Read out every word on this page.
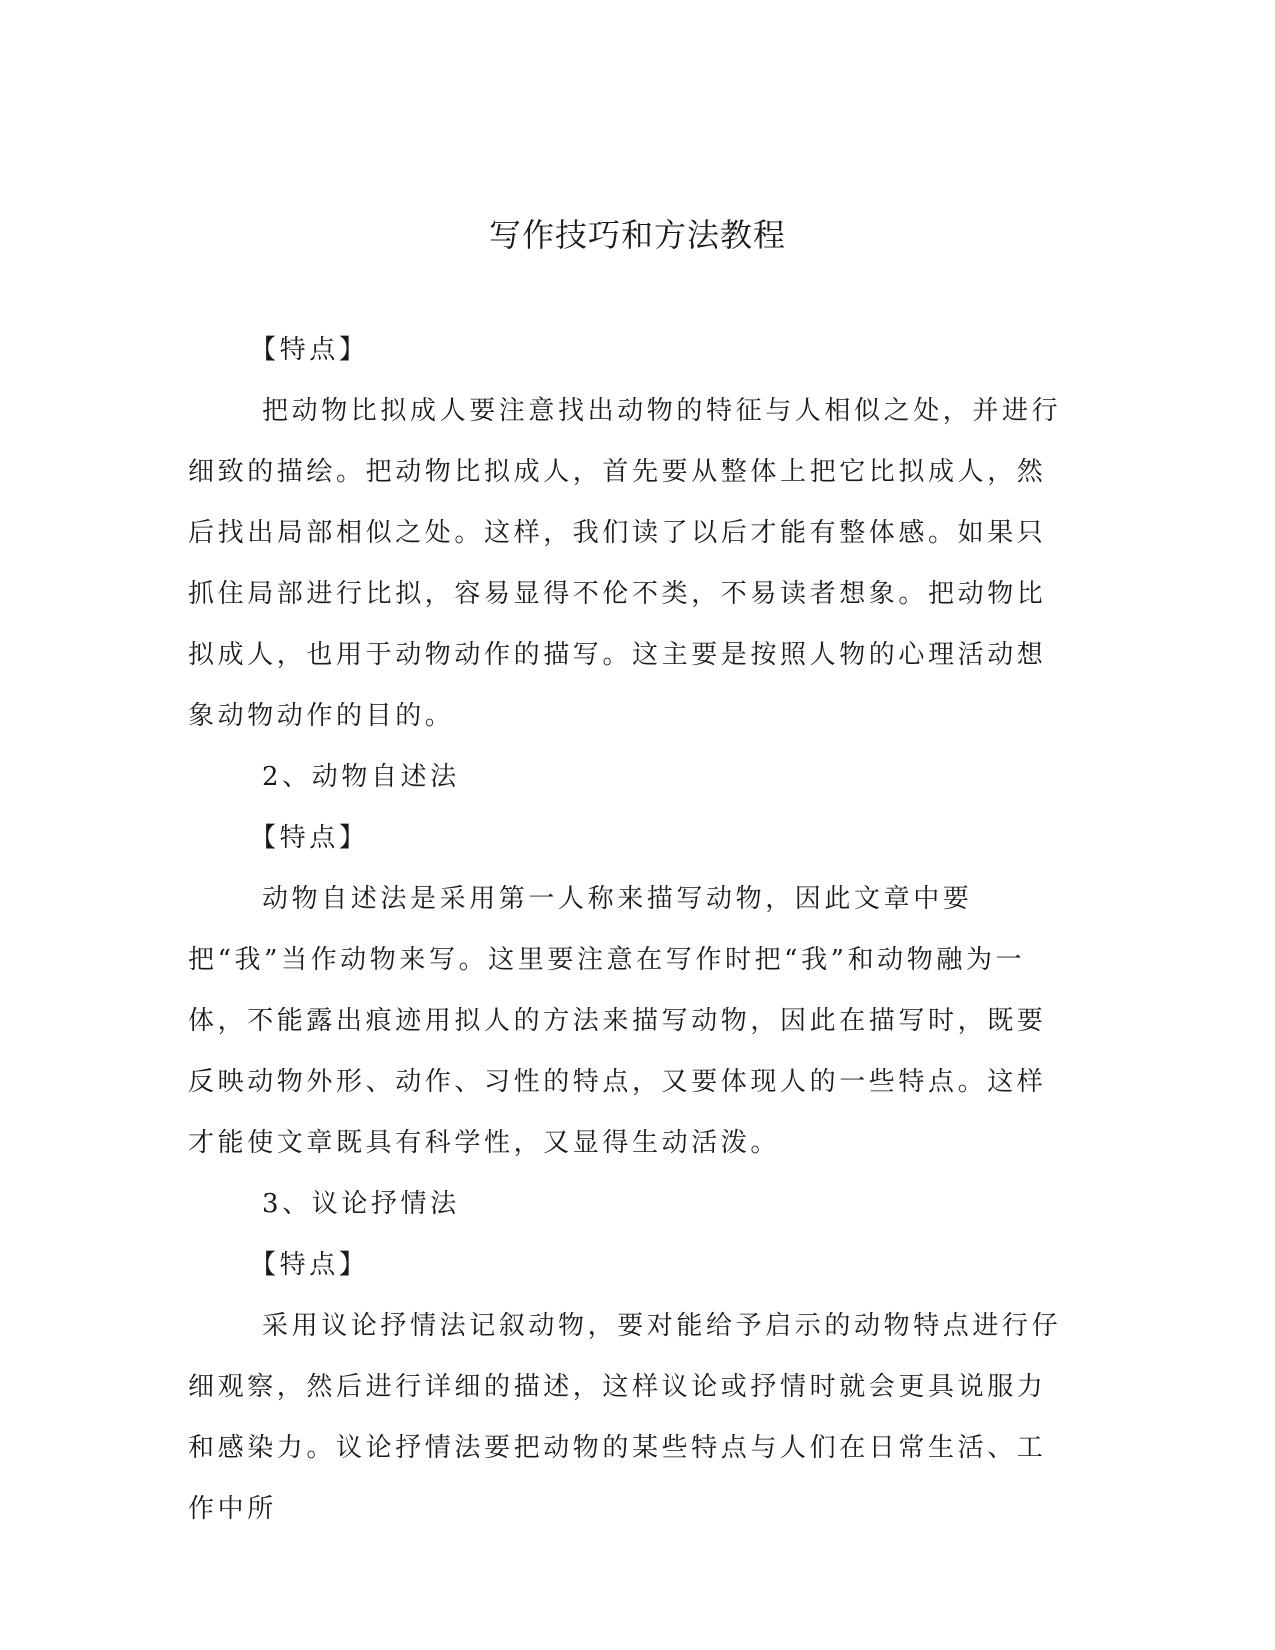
写作技巧和方法教程

【特点】

把动物比拟成人要注意找出动物的特征与人相似之处，并进行细致的描绘。把动物比拟成人，首先要从整体上把它比拟成人，然后找出局部相似之处。这样，我们读了以后才能有整体感。如果只抓住局部进行比拟，容易显得不伦不类，不易读者想象。把动物比拟成人，也用于动物动作的描写。这主要是按照人物的心理活动想象动物动作的目的。

2、动物自述法

【特点】

动物自述法是采用第一人称来描写动物，因此文章中要把“我”当作动物来写。这里要注意在写作时把“我”和动物融为一体，不能露出痕迹用拟人的方法来描写动物，因此在描写时，既要反映动物外形、动作、习性的特点，又要体现人的一些特点。这样才能使文章既具有科学性，又显得生动活泼。

3、议论抒情法

【特点】

采用议论抒情法记叙动物，要对能给予启示的动物特点进行仔细观察，然后进行详细的描述，这样议论或抒情时就会更具说服力和感染力。议论抒情法要把动物的某些特点与人们在日常生活、工作中所
